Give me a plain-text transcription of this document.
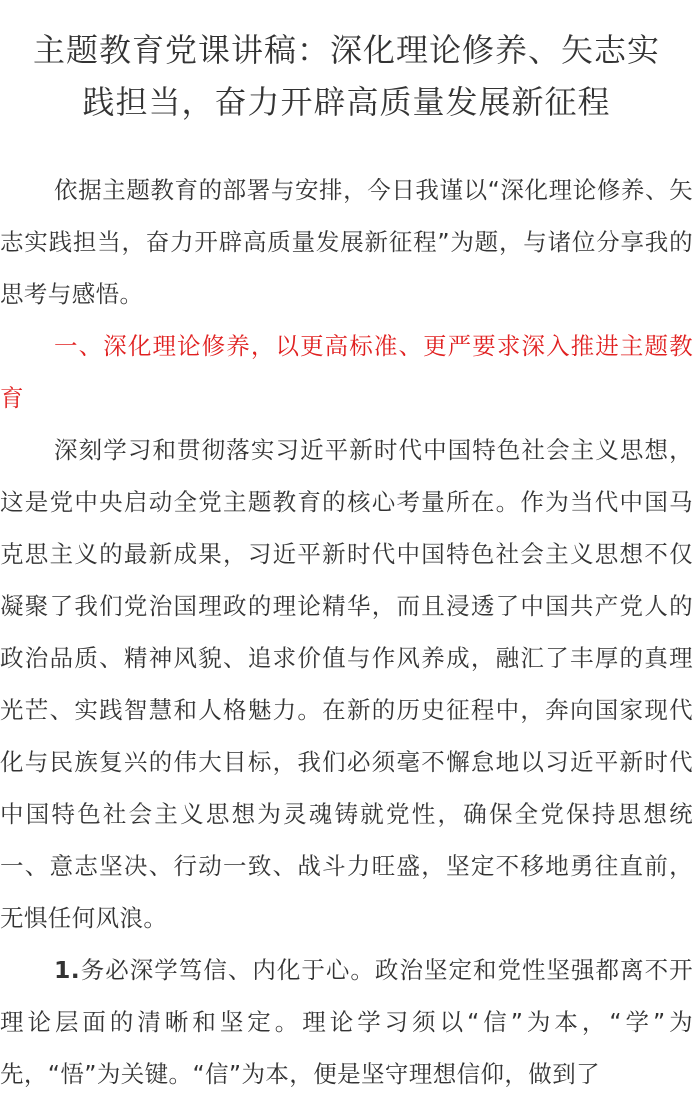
主题教育党课讲稿：深化理论修养、矢志实
践担当，奋力开辟高质量发展新征程

依据主题教育的部署与安排，今日我谨以“深化理论修养、矢志实践担当，奋力开辟高质量发展新征程”为题，与诸位分享我的思考与感悟。

一、深化理论修养，以更高标准、更严要求深入推进主题教育

深刻学习和贯彻落实习近平新时代中国特色社会主义思想，这是党中央启动全党主题教育的核心考量所在。作为当代中国马克思主义的最新成果，习近平新时代中国特色社会主义思想不仅凝聚了我们党治国理政的理论精华，而且浸透了中国共产党人的政治品质、精神风貌、追求价值与作风养成，融汇了丰厚的真理光芒、实践智慧和人格魅力。在新的历史征程中，奔向国家现代化与民族复兴的伟大目标，我们必须毫不懈怠地以习近平新时代中国特色社会主义思想为灵魂铸就党性，确保全党保持思想统一、意志坚决、行动一致、战斗力旺盛，坚定不移地勇往直前，无惧任何风浪。

1.务必深学笃信、内化于心。政治坚定和党性坚强都离不开理论层面的清晰和坚定。理论学习须以“信”为本，“学”为先，“悟”为关键。“信”为本，便是坚守理想信仰，做到了
